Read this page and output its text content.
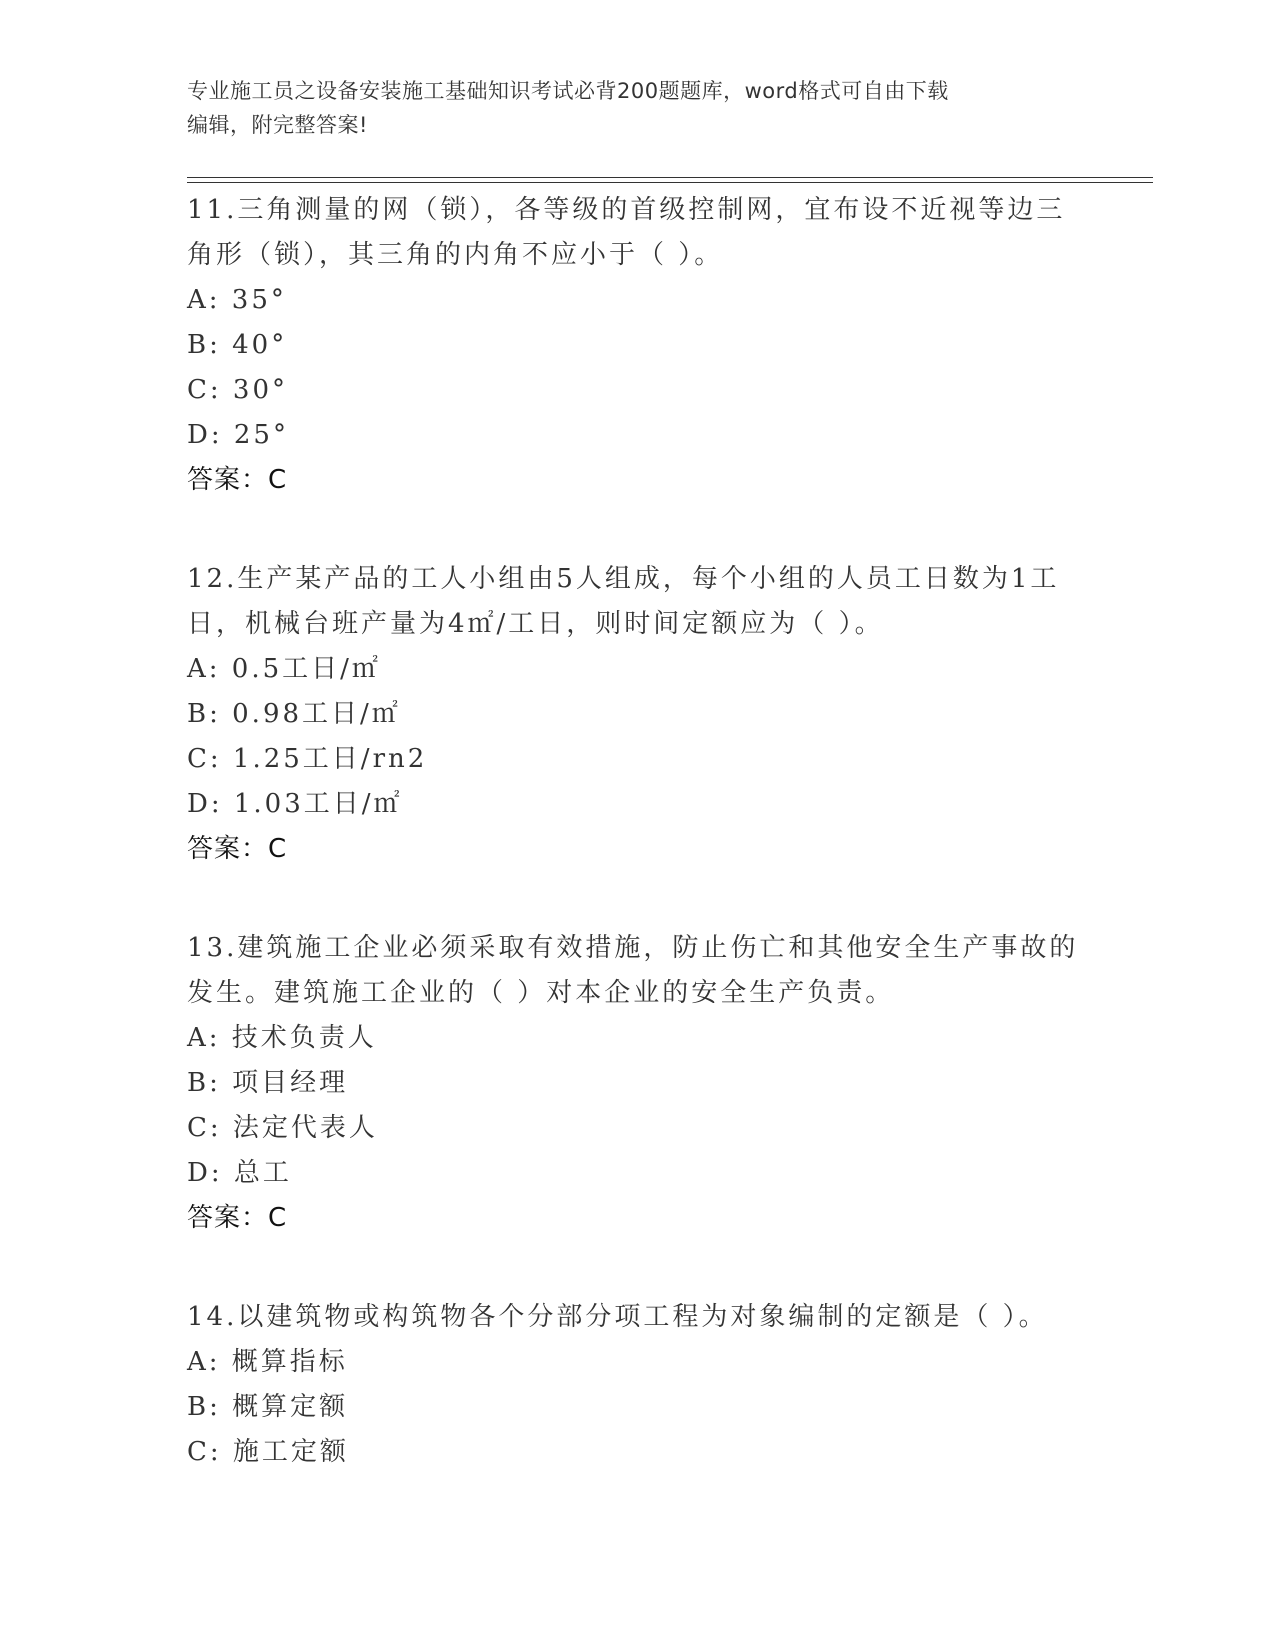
专业施工员之设备安装施工基础知识考试必背200题题库，word格式可自由下载
编辑，附完整答案!

11.三角测量的网（锁），各等级的首级控制网，宜布设不近视等边三

角形（锁），其三角的内角不应小于（ ）。

A: 35°

B: 40°

C: 30°

D: 25°

答案：C

12.生产某产品的工人小组由5人组成，每个小组的人员工日数为1工

日，机械台班产量为4㎡/工日，则时间定额应为（ ）。

A: 0.5工日/㎡

B: 0.98工日/㎡

C: 1.25工日/rn2

D: 1.03工日/㎡

答案：C

13.建筑施工企业必须采取有效措施，防止伤亡和其他安全生产事故的

发生。建筑施工企业的（ ）对本企业的安全生产负责。

A: 技术负责人

B: 项目经理

C: 法定代表人

D: 总工

答案：C

14.以建筑物或构筑物各个分部分项工程为对象编制的定额是（ ）。

A: 概算指标

B: 概算定额

C: 施工定额
